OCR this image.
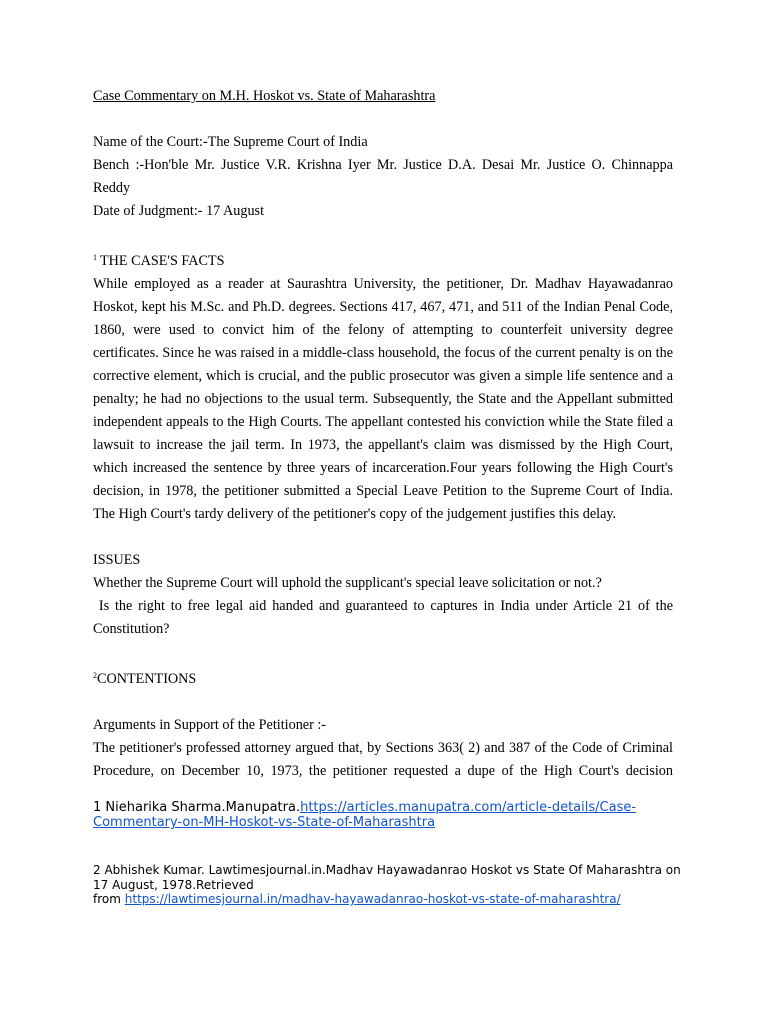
Case Commentary on M.H. Hoskot vs. State of Maharashtra

Name of the Court:-The Supreme Court of India

Bench :-Hon'ble Mr. Justice V.R. Krishna Iyer Mr. Justice D.A. Desai Mr. Justice O. Chinnappa Reddy

Date of Judgment:- 17 August

$^1$ THE CASE'S FACTS

While employed as a reader at Saurashtra University, the petitioner, Dr. Madhav Hayawadanrao Hoskot, kept his M.Sc. and Ph.D. degrees. Sections 417, 467, 471, and 511 of the Indian Penal Code, 1860, were used to convict him of the felony of attempting to counterfeit university degree certificates. Since he was raised in a middle-class household, the focus of the current penalty is on the corrective element, which is crucial, and the public prosecutor was given a simple life sentence and a penalty; he had no objections to the usual term. Subsequently, the State and the Appellant submitted independent appeals to the High Courts. The appellant contested his conviction while the State filed a lawsuit to increase the jail term. In 1973, the appellant's claim was dismissed by the High Court, which increased the sentence by three years of incarceration.Four years following the High Court's decision, in 1978, the petitioner submitted a Special Leave Petition to the Supreme Court of India. The High Court's tardy delivery of the petitioner's copy of the judgement justifies this delay.

ISSUES

Whether the Supreme Court will uphold the supplicant's special leave solicitation or not.?

Is the right to free legal aid handed and guaranteed to captures in India under Article 21 of the Constitution?

$^2$CONTENTIONS

Arguments in Support of the Petitioner :-

The petitioner's professed attorney argued that, by Sections 363( 2) and 387 of the Code of Criminal Procedure, on December 10, 1973, the petitioner requested a dupe of the High Court's decision

1 Nieharika Sharma.Manupatra.https://articles.manupatra.com/article-details/Case-Commentary-on-MH-Hoskot-vs-State-of-Maharashtra

2 Abhishek Kumar. Lawtimesjournal.in.Madhav Hayawadanrao Hoskot vs State Of Maharashtra on 17 August, 1978.Retrieved
from https://lawtimesjournal.in/madhav-hayawadanrao-hoskot-vs-state-of-maharashtra/
